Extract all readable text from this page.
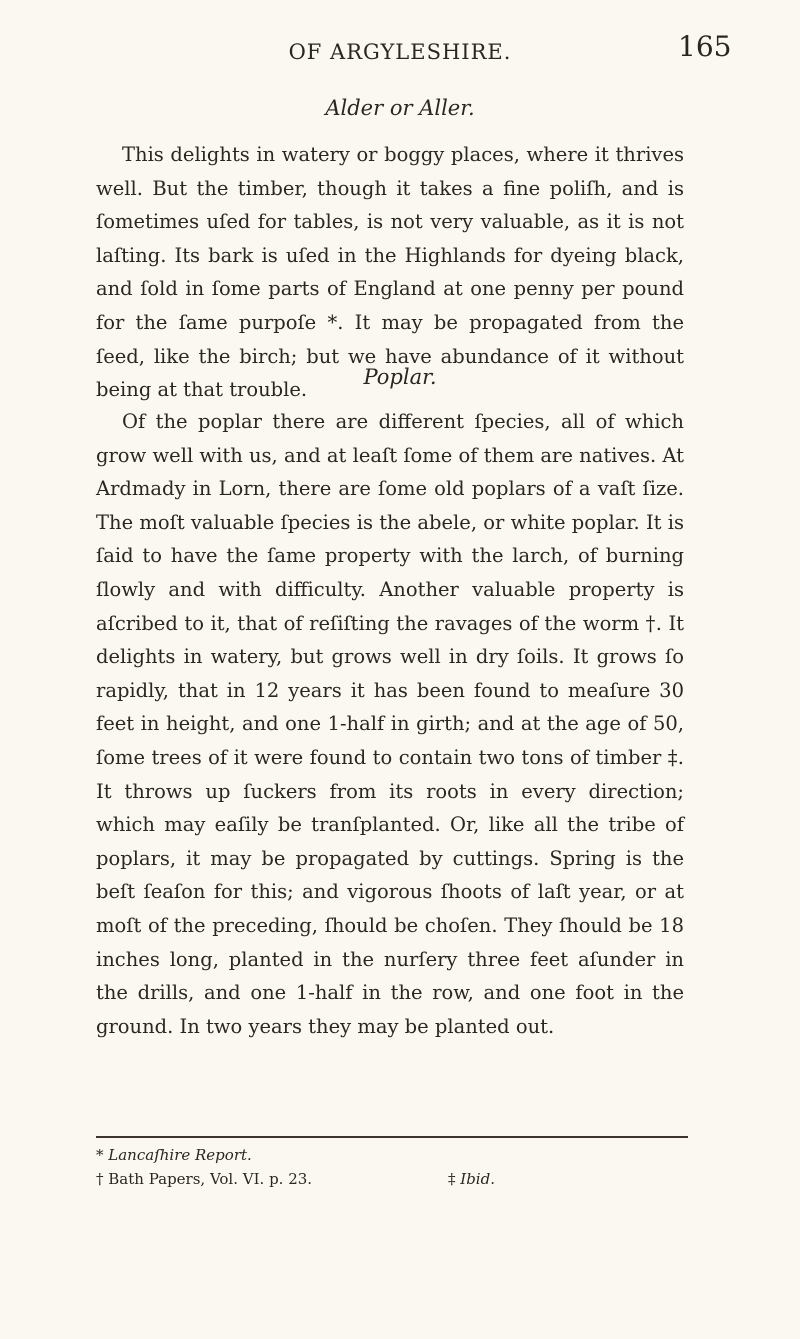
OF ARGYLESHIRE.	165
Alder or Aller.

This delights in watery or boggy places, where it thrives well. But the timber, though it takes a fine poliſh, and is ſometimes uſed for tables, is not very valuable, as it is not laſting. Its bark is uſed in the Highlands for dyeing black, and ſold in ſome parts of England at one penny per pound for the ſame purpoſe *. It may be propagated from the ſeed, like the birch; but we have abundance of it without being at that trouble.

Poplar.

Of the poplar there are different ſpecies, all of which grow well with us, and at leaſt ſome of them are natives. At Ardmady in Lorn, there are ſome old poplars of a vaſt ſize. The moſt valuable ſpecies is the abele, or white poplar. It is ſaid to have the ſame property with the larch, of burning ſlowly and with difficulty. Another valuable property is aſcribed to it, that of reſiſting the ravages of the worm †. It delights in watery, but grows well in dry ſoils. It grows ſo rapidly, that in 12 years it has been found to meaſure 30 feet in height, and one 1-half in girth; and at the age of 50, ſome trees of it were found to contain two tons of timber ‡. It throws up ſuckers from its roots in every direction; which may eaſily be tranſplanted. Or, like all the tribe of poplars, it may be propagated by cuttings. Spring is the beſt ſeaſon for this; and vigorous ſhoots of laſt year, or at moſt of the preceding, ſhould be choſen. They ſhould be 18 inches long, planted in the nurſery three feet aſunder in the drills, and one 1-half in the row, and one foot in the ground. In two years they may be planted out.

* Lancaſhire Report.
† Bath Papers, Vol. VI. p. 23.	‡ Ibid.
